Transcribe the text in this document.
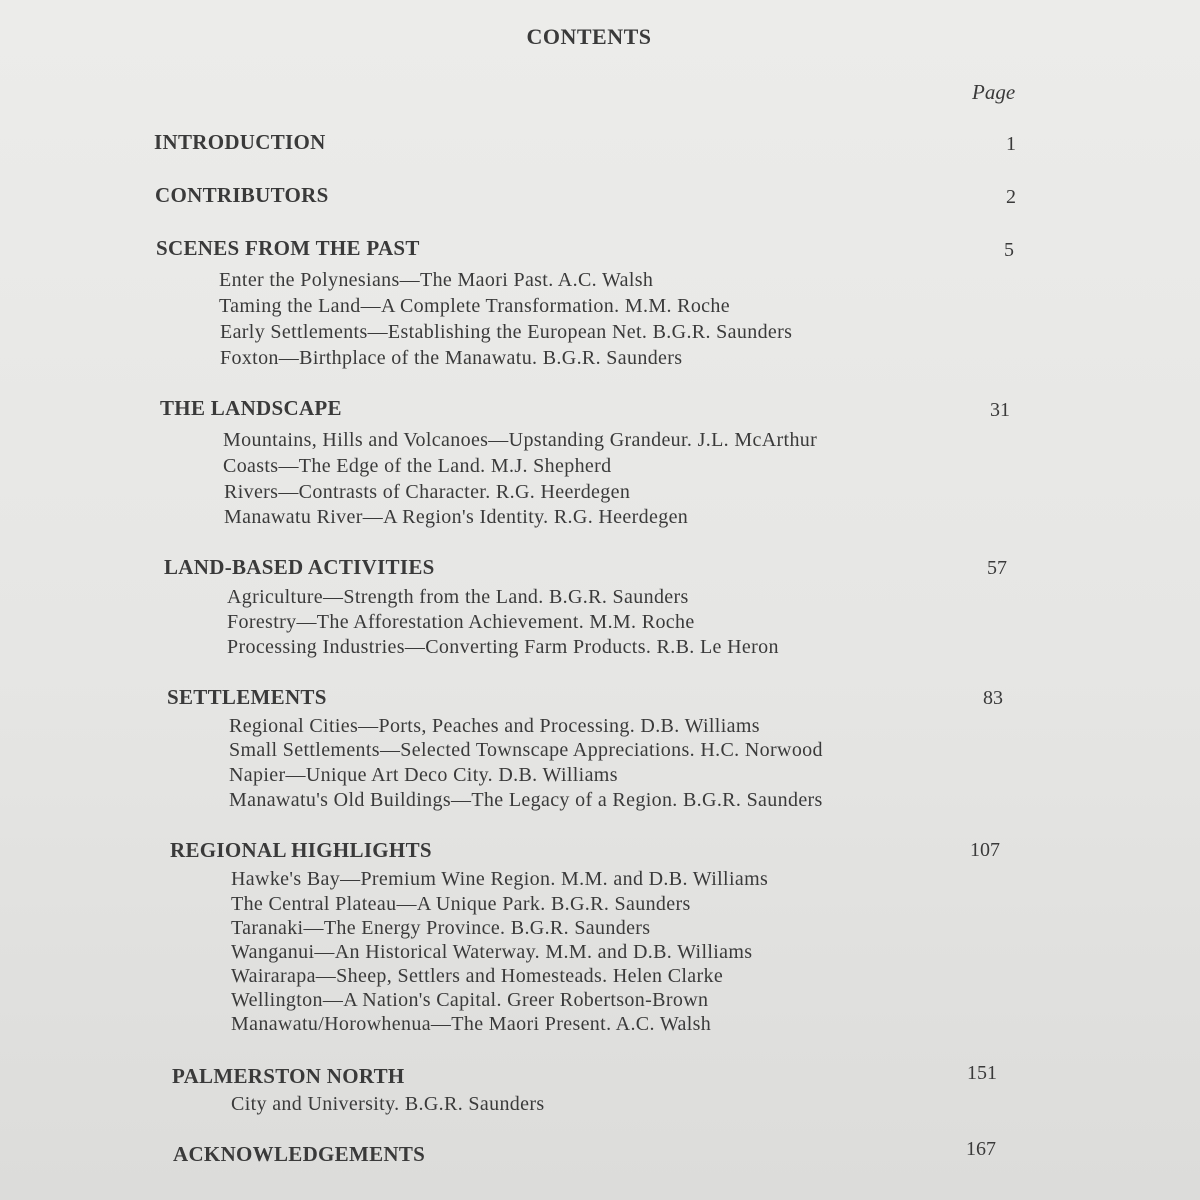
CONTENTS
Page
INTRODUCTION	1
CONTRIBUTORS	2
SCENES FROM THE PAST	5
Enter the Polynesians—The Maori Past. A.C. Walsh
Taming the Land—A Complete Transformation. M.M. Roche
Early Settlements—Establishing the European Net. B.G.R. Saunders
Foxton—Birthplace of the Manawatu. B.G.R. Saunders
THE LANDSCAPE	31
Mountains, Hills and Volcanoes—Upstanding Grandeur. J.L. McArthur
Coasts—The Edge of the Land. M.J. Shepherd
Rivers—Contrasts of Character. R.G. Heerdegen
Manawatu River—A Region's Identity. R.G. Heerdegen
LAND-BASED ACTIVITIES	57
Agriculture—Strength from the Land. B.G.R. Saunders
Forestry—The Afforestation Achievement. M.M. Roche
Processing Industries—Converting Farm Products. R.B. Le Heron
SETTLEMENTS	83
Regional Cities—Ports, Peaches and Processing. D.B. Williams
Small Settlements—Selected Townscape Appreciations. H.C. Norwood
Napier—Unique Art Deco City. D.B. Williams
Manawatu's Old Buildings—The Legacy of a Region. B.G.R. Saunders
REGIONAL HIGHLIGHTS	107
Hawke's Bay—Premium Wine Region. M.M. and D.B. Williams
The Central Plateau—A Unique Park. B.G.R. Saunders
Taranaki—The Energy Province. B.G.R. Saunders
Wanganui—An Historical Waterway. M.M. and D.B. Williams
Wairarapa—Sheep, Settlers and Homesteads. Helen Clarke
Wellington—A Nation's Capital. Greer Robertson-Brown
Manawatu/Horowhenua—The Maori Present. A.C. Walsh
PALMERSTON NORTH	151
City and University. B.G.R. Saunders
ACKNOWLEDGEMENTS	167
